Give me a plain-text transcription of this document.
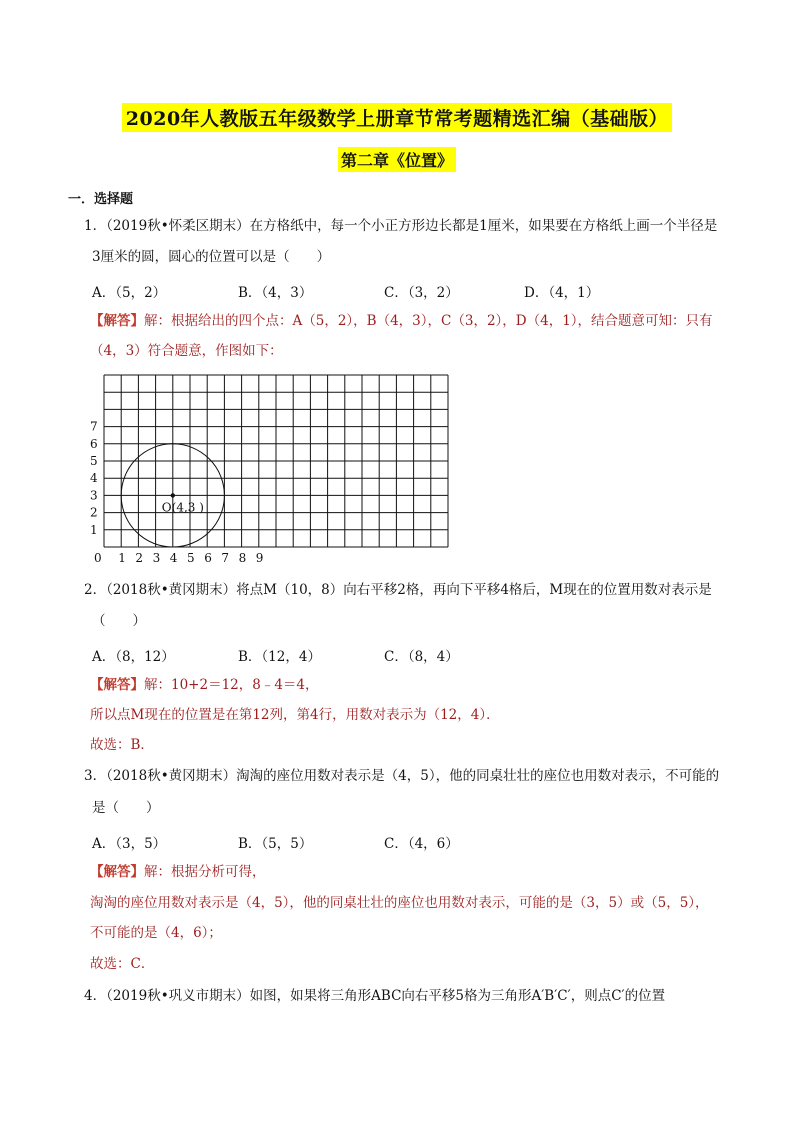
2020年人教版五年级数学上册章节常考题精选汇编（基础版）
第二章《位置》
一．选择题
1．（2019秋•怀柔区期末）在方格纸中，每一个小正方形边长都是1厘米，如果要在方格纸上画一个半径是
3厘米的圆，圆心的位置可以是（　　）
A．（5，2）	B．（4，3）	C．（3，2）	D．（4，1）
【解答】解：根据给出的四个点：A（5，2），B（4，3），C（3，2），D（4，1），结合题意可知：只有
（4，3）符合题意，作图如下：
7
6
5
4
3
2
1
0 1 2 3 4 5 6 7 8 9
O(4,3 )
2．（2018秋•黄冈期末）将点M（10，8）向右平移2格，再向下平移4格后，M现在的位置用数对表示是
（　　）
A．（8，12）	B．（12，4）	C．（8，4）
【解答】解：10+2＝12，8﹣4＝4，
所以点M现在的位置是在第12列，第4行，用数对表示为（12，4）．
故选：B．
3．（2018秋•黄冈期末）淘淘的座位用数对表示是（4，5），他的同桌壮壮的座位也用数对表示，不可能的
是（　　）
A．（3，5）	B．（5，5）	C．（4，6）
【解答】解：根据分析可得，
淘淘的座位用数对表示是（4，5），他的同桌壮壮的座位也用数对表示，可能的是（3，5）或（5，5），
不可能的是（4，6）；
故选：C．
4．（2019秋•巩义市期末）如图，如果将三角形ABC向右平移5格为三角形A′B′C′，则点C′的位置
